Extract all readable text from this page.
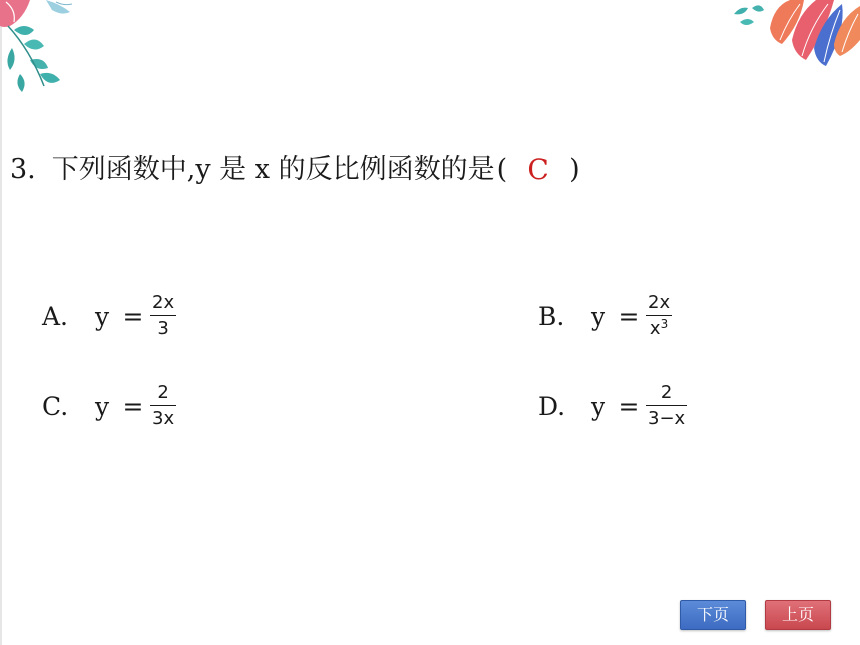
3. 下列函数中,y 是 x 的反比例函数的是 ( C )
A.	$y = \frac{2x}{3}$	B.	$y = \frac{2x}{x^3}$
C.	$y = \frac{2}{3x}$	D.	$y = \frac{2}{3-x}$
下页	上页
